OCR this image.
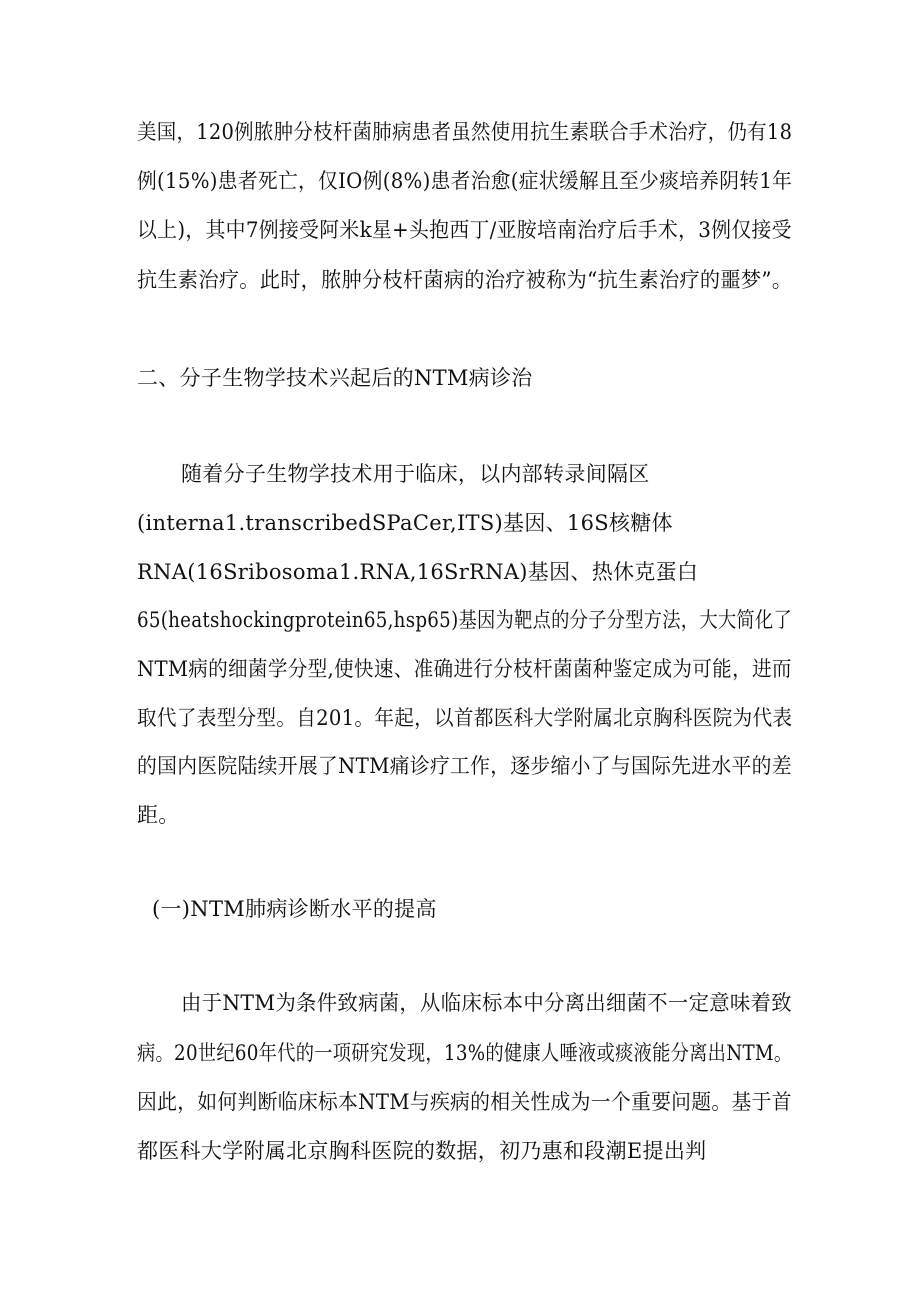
美国，120例脓肿分枝杆菌肺病患者虽然使用抗生素联合手术治疗，仍有18
例(15%)患者死亡，仅IO例(8%)患者治愈(症状缓解且至少痰培养阴转1年
以上)，其中7例接受阿米k星+头抱西丁/亚胺培南治疗后手术，3例仅接受
抗生素治疗。此时，脓肿分枝杆菌病的治疗被称为“抗生素治疗的噩梦”。
二、分子生物学技术兴起后的NTM病诊治
随着分子生物学技术用于临床，以内部转录间隔区
(interna1.transcribedSPaCer,ITS)基因、16S核糖体
RNA(16Sribosoma1.RNA,16SrRNA)基因、热休克蛋白
65(heatshockingprotein65,hsp65)基因为靶点的分子分型方法，大大简化了
NTM病的细菌学分型,使快速、准确进行分枝杆菌菌种鉴定成为可能，进而
取代了表型分型。自201。年起，以首都医科大学附属北京胸科医院为代表
的国内医院陆续开展了NTM痛诊疗工作，逐步缩小了与国际先进水平的差
距。
(一)NTM肺病诊断水平的提高
由于NTM为条件致病菌，从临床标本中分离出细菌不一定意味着致
病。20世纪60年代的一项研究发现，13%的健康人唾液或痰液能分离出NTM。
因此，如何判断临床标本NTM与疾病的相关性成为一个重要问题。基于首
都医科大学附属北京胸科医院的数据，初乃惠和段潮E提出判
